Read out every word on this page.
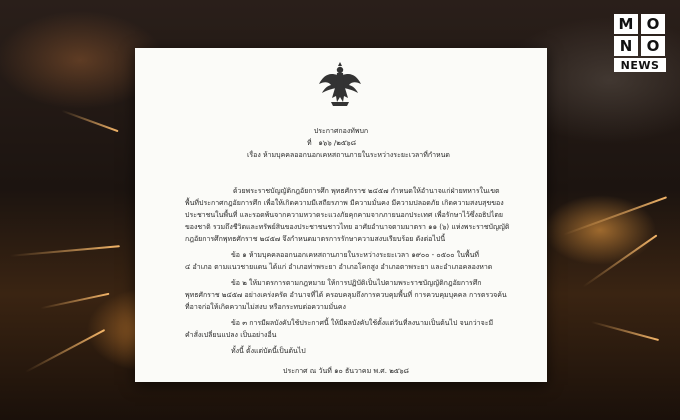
M O
N O
NEWS
ประกาศกองทัพบก
ที่ ๑๖๖ /๒๕๖๘
เรื่อง ห้ามบุคคลออกนอกเคหสถานภายในระหว่างระยะเวลาที่กำหนด
ด้วยพระราชบัญญัติกฎอัยการศึก พุทธศักราช ๒๔๕๗ กำหนดให้อำนาจแก่ฝ่ายทหารในเขต
พื้นที่ประกาศกฎอัยการศึก เพื่อให้เกิดความมีเสถียรภาพ มีความมั่นคง มีความปลอดภัย เกิดความสงบสุขของ
ประชาชนในพื้นที่ และรอดพ้นจากความหวาดระแวงภัยคุกคามจากภายนอกประเทศ เพื่อรักษาไว้ซึ่งอธิปไตย
ของชาติ รวมถึงชีวิตและทรัพย์สินของประชาชนชาวไทย อาศัยอำนาจตามมาตรา ๑๑ (๖) แห่งพระราชบัญญัติ
กฎอัยการศึกพุทธศักราช ๒๔๕๗ จึงกำหนดมาตรการรักษาความสงบเรียบร้อย ดังต่อไปนี้
ข้อ ๑ ห้ามบุคคลออกนอกเคหสถานภายในระหว่างระยะเวลา ๑๙๐๐ - ๐๕๐๐ ในพื้นที่
๔ อำเภอ ตามแนวชายแดน ได้แก่ อำเภอท่าพระยา อำเภอโคกสูง อำเภอตาพระยา และอำเภอคลองหาด
ข้อ ๒ ให้มาตรการตามกฎหมาย ให้การปฏิบัติเป็นไปตามพระราชบัญญัติกฎอัยการศึก
พุทธศักราช ๒๔๕๗ อย่างเคร่งครัด อำนาจที่ได้ ครอบคลุมถึงการควบคุมพื้นที่ การควบคุมบุคคล การตรวจค้น
ที่อาจก่อให้เกิดความไม่สงบ หรือกระทบต่อความมั่นคง
ข้อ ๓ การมีผลบังคับใช้ประกาศนี้ ให้มีผลบังคับใช้ตั้งแต่วันที่ลงนามเป็นต้นไป จนกว่าจะมี
คำสั่งเปลี่ยนแปลง เป็นอย่างอื่น
ทั้งนี้ ตั้งแต่บัดนี้เป็นต้นไป
ประกาศ ณ วันที่ ๑๐ ธันวาคม พ.ศ. ๒๕๖๘
